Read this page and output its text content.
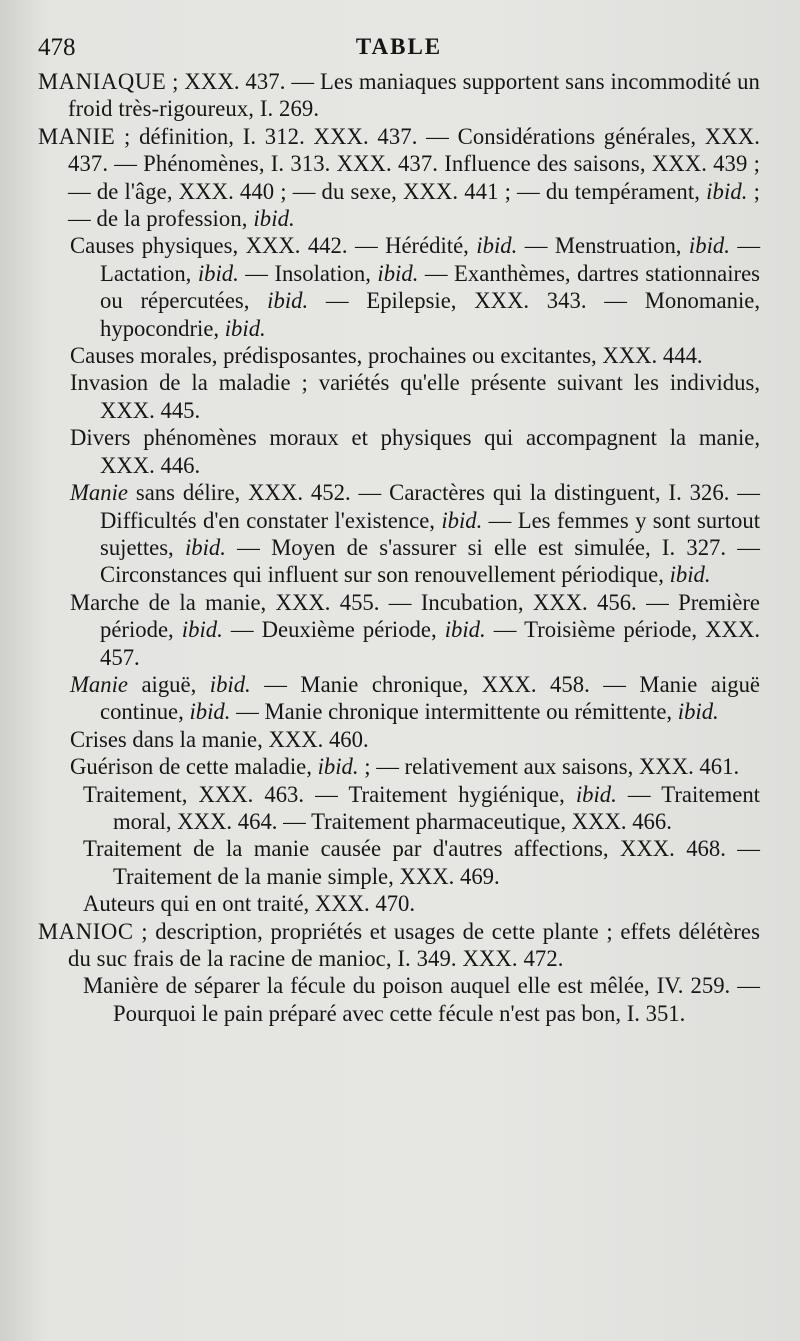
478	TABLE

MANIAQUE ; XXX. 437. — Les maniaques supportent sans incommodité un froid très-rigoureux, I. 269.

MANIE ; définition, I. 312. XXX. 437. — Considérations générales, XXX. 437. — Phénomènes, I. 313. XXX. 437. Influence des saisons, XXX. 439 ; — de l'âge, XXX. 440 ; — du sexe, XXX. 441 ; — du tempérament, ibid. ; — de la profession, ibid.

Causes physiques, XXX. 442. — Hérédité, ibid. — Menstruation, ibid. — Lactation, ibid. — Insolation, ibid. — Exanthèmes, dartres stationnaires ou répercutées, ibid. — Epilepsie, XXX. 343. — Monomanie, hypocondrie, ibid.

Causes morales, prédisposantes, prochaines ou excitantes, XXX. 444.

Invasion de la maladie ; variétés qu'elle présente suivant les individus, XXX. 445.

Divers phénomènes moraux et physiques qui accompagnent la manie, XXX. 446.

Manie sans délire, XXX. 452. — Caractères qui la distinguent, I. 326. — Difficultés d'en constater l'existence, ibid. — Les femmes y sont surtout sujettes, ibid. — Moyen de s'assurer si elle est simulée, I. 327. — Circonstances qui influent sur son renouvellement périodique, ibid.

Marche de la manie, XXX. 455. — Incubation, XXX. 456. — Première période, ibid. — Deuxième période, ibid. — Troisième période, XXX. 457.

Manie aiguë, ibid. — Manie chronique, XXX. 458. — Manie aiguë continue, ibid. — Manie chronique intermittente ou rémittente, ibid.

Crises dans la manie, XXX. 460.

Guérison de cette maladie, ibid. ; — relativement aux saisons, XXX. 461.

Traitement, XXX. 463. — Traitement hygiénique, ibid. — Traitement moral, XXX. 464. — Traitement pharmaceutique, XXX. 466.

Traitement de la manie causée par d'autres affections, XXX. 468. — Traitement de la manie simple, XXX. 469.

Auteurs qui en ont traité, XXX. 470.

MANIOC ; description, propriétés et usages de cette plante ; effets délétères du suc frais de la racine de manioc, I. 349. XXX. 472.

Manière de séparer la fécule du poison auquel elle est mêlée, IV. 259. — Pourquoi le pain préparé avec cette fécule n'est pas bon, I. 351.
